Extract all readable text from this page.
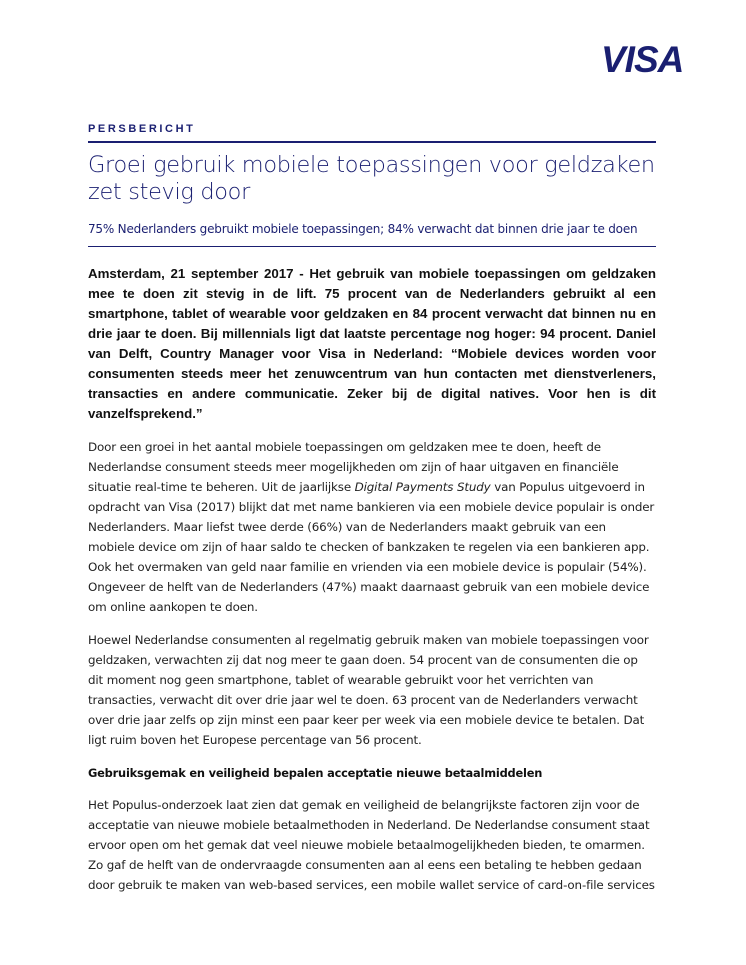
VISA
PERSBERICHT
Groei gebruik mobiele toepassingen voor geldzaken zet stevig door
75% Nederlanders gebruikt mobiele toepassingen; 84% verwacht dat binnen drie jaar te doen

Amsterdam, 21 september 2017 - Het gebruik van mobiele toepassingen om geldzaken mee te doen zit stevig in de lift. 75 procent van de Nederlanders gebruikt al een smartphone, tablet of wearable voor geldzaken en 84 procent verwacht dat binnen nu en drie jaar te doen. Bij millennials ligt dat laatste percentage nog hoger: 94 procent. Daniel van Delft, Country Manager voor Visa in Nederland: “Mobiele devices worden voor consumenten steeds meer het zenuwcentrum van hun contacten met dienstverleners, transacties en andere communicatie. Zeker bij de digital natives. Voor hen is dit vanzelfsprekend.”

Door een groei in het aantal mobiele toepassingen om geldzaken mee te doen, heeft de Nederlandse consument steeds meer mogelijkheden om zijn of haar uitgaven en financiële situatie real-time te beheren. Uit de jaarlijkse Digital Payments Study van Populus uitgevoerd in opdracht van Visa (2017) blijkt dat met name bankieren via een mobiele device populair is onder Nederlanders. Maar liefst twee derde (66%) van de Nederlanders maakt gebruik van een mobiele device om zijn of haar saldo te checken of bankzaken te regelen via een bankieren app. Ook het overmaken van geld naar familie en vrienden via een mobiele device is populair (54%). Ongeveer de helft van de Nederlanders (47%) maakt daarnaast gebruik van een mobiele device om online aankopen te doen.

Hoewel Nederlandse consumenten al regelmatig gebruik maken van mobiele toepassingen voor geldzaken, verwachten zij dat nog meer te gaan doen. 54 procent van de consumenten die op dit moment nog geen smartphone, tablet of wearable gebruikt voor het verrichten van transacties, verwacht dit over drie jaar wel te doen. 63 procent van de Nederlanders verwacht over drie jaar zelfs op zijn minst een paar keer per week via een mobiele device te betalen. Dat ligt ruim boven het Europese percentage van 56 procent.

Gebruiksgemak en veiligheid bepalen acceptatie nieuwe betaalmiddelen

Het Populus-onderzoek laat zien dat gemak en veiligheid de belangrijkste factoren zijn voor de acceptatie van nieuwe mobiele betaalmethoden in Nederland. De Nederlandse consument staat ervoor open om het gemak dat veel nieuwe mobiele betaalmogelijkheden bieden, te omarmen. Zo gaf de helft van de ondervraagde consumenten aan al eens een betaling te hebben gedaan door gebruik te maken van web-based services, een mobile wallet service of card-on-file services
